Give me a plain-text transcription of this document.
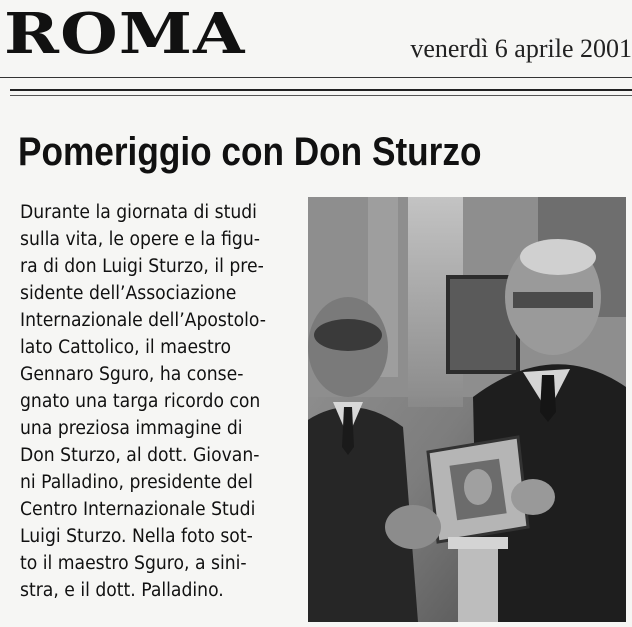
ROMA	venerdì 6 aprile 2001
Pomeriggio con Don Sturzo
Durante la giornata di studi
sulla vita, le opere e la figu-
ra di don Luigi Sturzo, il pre-
sidente dell’Associazione
Internazionale dell’Apostolo-
lato Cattolico, il maestro
Gennaro Sguro, ha conse-
gnato una targa ricordo con
una preziosa immagine di
Don Sturzo, al dott. Giovan-
ni Palladino, presidente del
Centro Internazionale Studi
Luigi Sturzo. Nella foto sot-
to il maestro Sguro, a sini-
stra, e il dott. Palladino.
